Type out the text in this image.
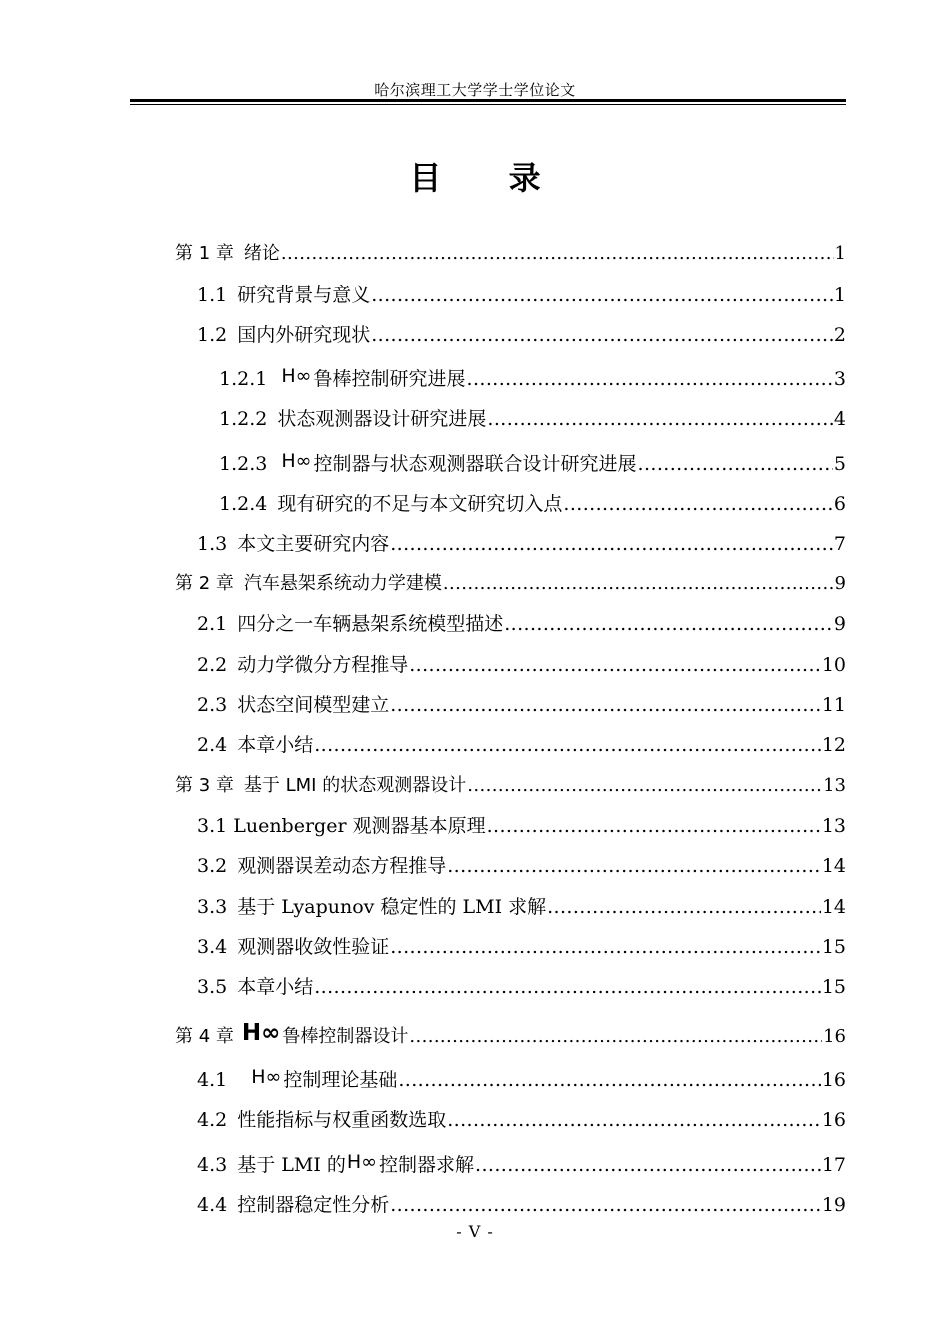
哈尔滨理工大学学士学位论文
目 录
第 1 章 绪论 .....	1
1.1 研究背景与意义 .....	1
1.2 国内外研究现状 .....	2
1.2.1 H∞ 鲁棒控制研究进展 .....	3
1.2.2 状态观测器设计研究进展 .....	4
1.2.3 H∞ 控制器与状态观测器联合设计研究进展 .....	5
1.2.4 现有研究的不足与本文研究切入点 .....	6
1.3 本文主要研究内容 .....	7
第 2 章 汽车悬架系统动力学建模 .....	9
2.1 四分之一车辆悬架系统模型描述 .....	9
2.2 动力学微分方程推导 .....	10
2.3 状态空间模型建立 .....	11
2.4 本章小结 .....	12
第 3 章 基于 LMI 的状态观测器设计 .....	13
3.1 Luenberger 观测器基本原理 .....	13
3.2 观测器误差动态方程推导 .....	14
3.3 基于 Lyapunov 稳定性的 LMI 求解 .....	14
3.4 观测器收敛性验证 .....	15
3.5 本章小结 .....	15
第 4 章 H∞ 鲁棒控制器设计 .....	16
4.1 H∞ 控制理论基础 .....	16
4.2 性能指标与权重函数选取 .....	16
4.3 基于 LMI 的 H∞ 控制器求解 .....	17
4.4 控制器稳定性分析 .....	19
- V -
